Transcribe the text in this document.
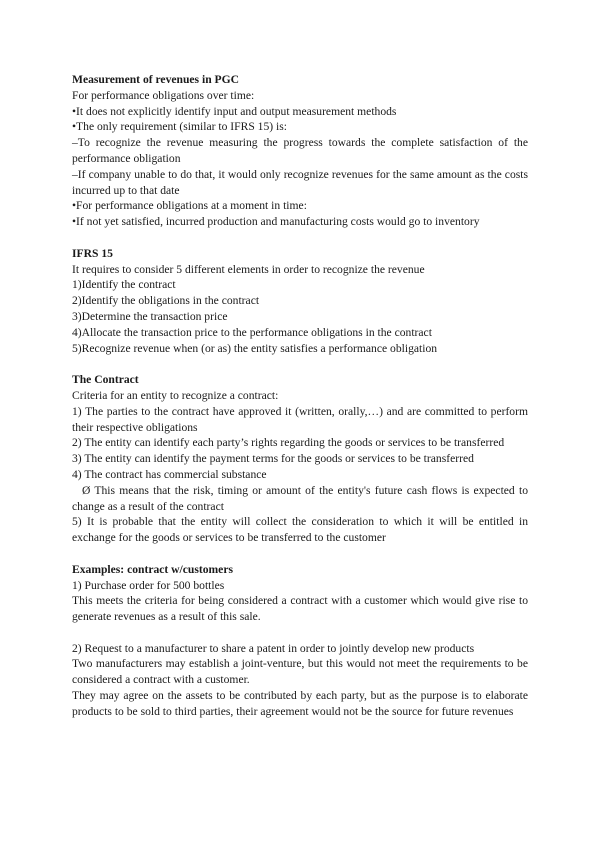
Measurement of revenues in PGC

For performance obligations over time:

•It does not explicitly identify input and output measurement methods

•The only requirement (similar to IFRS 15) is:

–To recognize the revenue measuring the progress towards the complete satisfaction of the performance obligation

–If company unable to do that, it would only recognize revenues for the same amount as the costs incurred up to that date

•For performance obligations at a moment in time:

•If not yet satisfied, incurred production and manufacturing costs would go to inventory

IFRS 15

It requires to consider 5 different elements in order to recognize the revenue

1)Identify the contract

2)Identify the obligations in the contract

3)Determine the transaction price

4)Allocate the transaction price to the performance obligations in the contract

5)Recognize revenue when (or as) the entity satisfies a performance obligation

The Contract

Criteria for an entity to recognize a contract:

1) The parties to the contract have approved it (written, orally,…) and are committed to perform their respective obligations

2) The entity can identify each party’s rights regarding the goods or services to be transferred

3) The entity can identify the payment terms for the goods or services to be transferred

4) The contract has commercial substance

Ø This means that the risk, timing or amount of the entity's future cash flows is expected to change as a result of the contract

5) It is probable that the entity will collect the consideration to which it will be entitled in exchange for the goods or services to be transferred to the customer

Examples: contract w/customers

1) Purchase order for 500 bottles

This meets the criteria for being considered a contract with a customer which would give rise to generate revenues as a result of this sale.

2) Request to a manufacturer to share a patent in order to jointly develop new products

Two manufacturers may establish a joint-venture, but this would not meet the requirements to be considered a contract with a customer.

They may agree on the assets to be contributed by each party, but as the purpose is to elaborate products to be sold to third parties, their agreement would not be the source for future revenues
